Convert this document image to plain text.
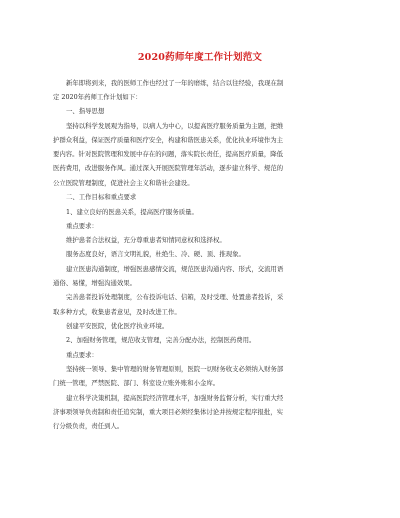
2020药师年度工作计划范文
新年即将到来，我的医师工作也经过了一年的磨练，结合以往经验，我现在制
定 2020年药师工作计划如下：
一、指导思想
坚持以科学发展观为指导，以病人为中心，以提高医疗服务质量为主题，把维
护群众利益，保证医疗质量和医疗安全，构建和谐医患关系，优化执业环境作为主
要内容。针对医院管理和发展中存在的问题，落实院长责任，提高医疗质量，降低
医药费用，改进服务作风。通过深入开展医院管理年活动，逐步建立科学、规范的
公立医院管理制度，促进社会主义和谐社会建设。
二、工作目标和重点要求
1、建立良好的医患关系，提高医疗服务质量。
重点要求：
维护患者合法权益，充分尊重患者知情同意权和选择权。
服务态度良好，语言文明礼貌，杜绝生、冷、硬、顶、推现象。
建立医患沟通制度，增强医患感情交流，规范医患沟通内容、形式，交流用语
通俗、易懂，增强沟通效果。
完善患者投诉处理制度，公布投诉电话、信箱，及时受理、处置患者投诉，采
取多种方式，收集患者意见，及时改进工作。
创建平安医院，优化医疗执业环境。
2、加强财务管理，规范收支管理，完善分配办法，控制医药费用。
重点要求：
坚持统一领导、集中管理的财务管理原则，医院一切财务收支必须纳入财务部
门统一管理，严禁医院、部门、科室设立账外账和小金库。
建立科学决策机制，提高医院经济管理水平，加强财务监督分析，实行重大经
济事项领导负责制和责任追究制，重大项目必须经集体讨论并按规定程序报批，实
行分级负责，责任到人。
